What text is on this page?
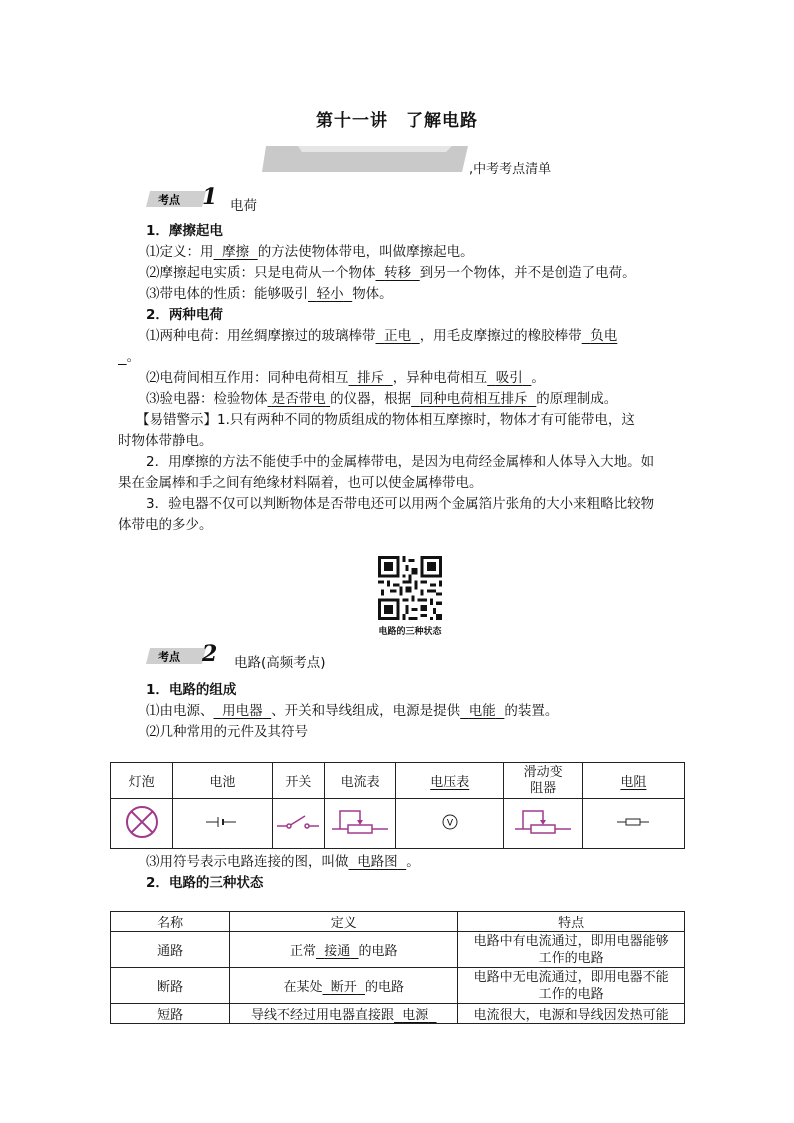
第十一讲　了解电路
,中考考点清单
考点 1 电荷
1．摩擦起电
⑴定义：用 摩擦 的方法使物体带电，叫做摩擦起电。
⑵摩擦起电实质：只是电荷从一个物体 转移 到另一个物体，并不是创造了电荷。
⑶带电体的性质：能够吸引 轻小 物体。
2．两种电荷
⑴两种电荷：用丝绸摩擦过的玻璃棒带 正电 ，用毛皮摩擦过的橡胶棒带 负电
。
⑵电荷间相互作用：同种电荷相互 排斥 ，异种电荷相互 吸引 。
⑶验电器：检验物体 是否带电 的仪器，根据 同种电荷相互排斥 的原理制成。
【易错警示】1.只有两种不同的物质组成的物体相互摩擦时，物体才有可能带电，这
时物体带静电。
2．用摩擦的方法不能使手中的金属棒带电，是因为电荷经金属棒和人体导入大地。如
果在金属棒和手之间有绝缘材料隔着，也可以使金属棒带电。
3．验电器不仅可以判断物体是否带电还可以用两个金属箔片张角的大小来粗略比较物
体带电的多少。
电路的三种状态
考点 2 电路(高频考点)
1．电路的组成
⑴由电源、 用电器 、开关和导线组成，电源是提供 电能 的装置。
⑵几种常用的元件及其符号
灯泡	电池	开关	电流表	电压表	滑动变
阻器	电阻

V

⑶用符号表示电路连接的图，叫做 电路图 。
2．电路的三种状态
名称	定义	特点
通路	正常 接通 的电路	电路中有电流通过，即用电器能够
工作的电路

断路	在某处 断开 的电路	电路中无电流通过，即用电器不能
工作的电路

短路	导线不经过用电器直接跟 电源	电流很大，电源和导线因发热可能
